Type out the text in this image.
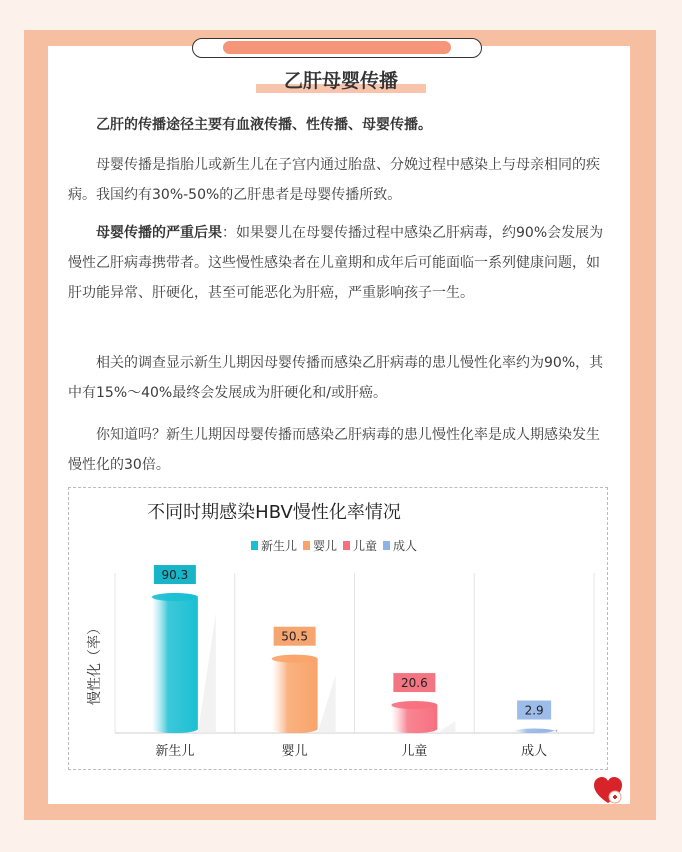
乙肝母婴传播

乙肝的传播途径主要有血液传播、性传播、母婴传播。

母婴传播是指胎儿或新生儿在子宫内通过胎盘、分娩过程中感染上与母亲相同的疾病。我国约有30%-50%的乙肝患者是母婴传播所致。

母婴传播的严重后果：如果婴儿在母婴传播过程中感染乙肝病毒，约90%会发展为慢性乙肝病毒携带者。这些慢性感染者在儿童期和成年后可能面临一系列健康问题，如肝功能异常、肝硬化，甚至可能恶化为肝癌，严重影响孩子一生。

相关的调查显示新生儿期因母婴传播而感染乙肝病毒的患儿慢性化率约为90%，其中有15%～40%最终会发展成为肝硬化和/或肝癌。

你知道吗？新生儿期因母婴传播而感染乙肝病毒的患儿慢性化率是成人期感染发生慢性化的30倍。

不同时期感染HBV慢性化率情况
新生儿 婴儿 儿童 成人
慢性化（率）
90.3
新生儿
50.5
婴儿
20.6
儿童
2.9
成人
